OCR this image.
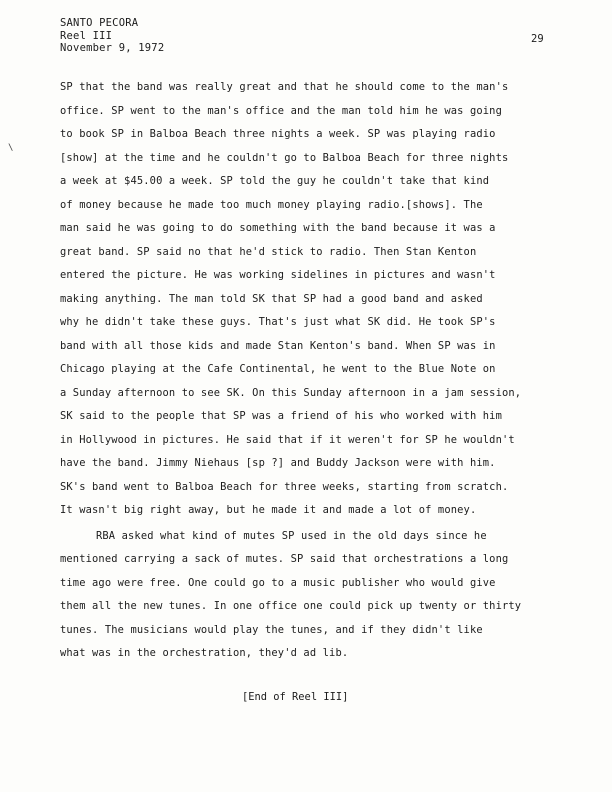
SANTO PECORA
Reel III
November 9, 1972
29
\
SP that the band was really great and that he should come to the man's
office. SP went to the man's office and the man told him he was going
to book SP in Balboa Beach three nights a week. SP was playing radio
[show] at the time and he couldn't go to Balboa Beach for three nights
a week at $45.00 a week. SP told the guy he couldn't take that kind
of money because he made too much money playing radio.[shows]. The
man said he was going to do something with the band because it was a
great band. SP said no that he'd stick to radio. Then Stan Kenton
entered the picture. He was working sidelines in pictures and wasn't
making anything. The man told SK that SP had a good band and asked
why he didn't take these guys. That's just what SK did. He took SP's
band with all those kids and made Stan Kenton's band. When SP was in
Chicago playing at the Cafe Continental, he went to the Blue Note on
a Sunday afternoon to see SK. On this Sunday afternoon in a jam session,
SK said to the people that SP was a friend of his who worked with him
in Hollywood in pictures. He said that if it weren't for SP he wouldn't
have the band. Jimmy Niehaus [sp ?] and Buddy Jackson were with him.
SK's band went to Balboa Beach for three weeks, starting from scratch.
It wasn't big right away, but he made it and made a lot of money.
RBA asked what kind of mutes SP used in the old days since he
mentioned carrying a sack of mutes. SP said that orchestrations a long
time ago were free. One could go to a music publisher who would give
them all the new tunes. In one office one could pick up twenty or thirty
tunes. The musicians would play the tunes, and if they didn't like
what was in the orchestration, they'd ad lib.
[End of Reel III]
